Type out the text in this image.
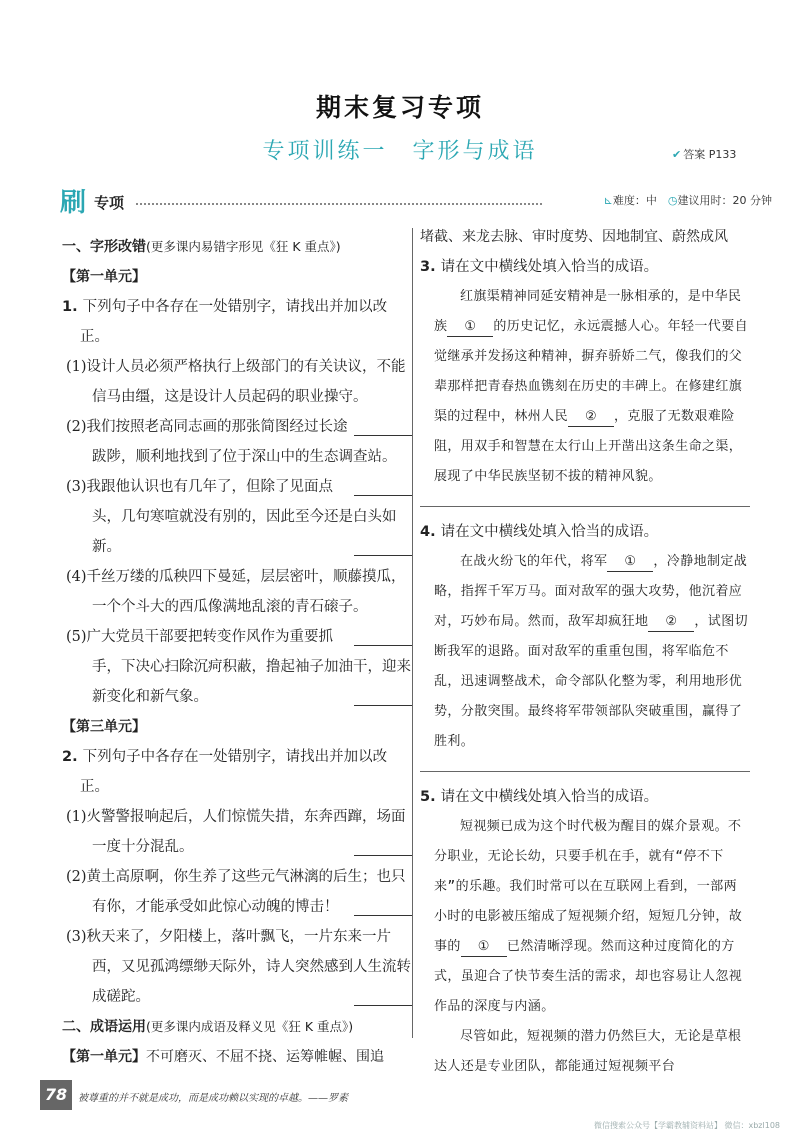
期末复习专项
专项训练一　字形与成语	✔ 答案 P133
刷 专项	⊾难度：中　 ◷建议用时：20 分钟
一、字形改错(更多课内易错字形见《狂 K 重点》)
【第一单元】
1. 下列句子中各存在一处错别字，请找出并加以改正。
(1)设计人员必须严格执行上级部门的有关诀议，不能信马由缰，这是设计人员起码的职业操守。
(2)我们按照老高同志画的那张简图经过长途跋陟，顺利地找到了位于深山中的生态调查站。
(3)我跟他认识也有几年了，但除了见面点头，几句寒喧就没有别的，因此至今还是白头如新。
(4)千丝万缕的瓜秧四下曼延，层层密叶，顺藤摸瓜，一个个斗大的西瓜像满地乱滚的青石磙子。
(5)广大党员干部要把转变作风作为重要抓手，下决心扫除沉疴积蔽，撸起袖子加油干，迎来新变化和新气象。
【第三单元】
2. 下列句子中各存在一处错别字，请找出并加以改正。
(1)火警警报响起后，人们惊慌失措，东奔西蹿，场面一度十分混乱。
(2)黄土高原啊，你生养了这些元气淋漓的后生；也只有你，才能承受如此惊心动魄的博击！
(3)秋天来了，夕阳楼上，落叶飘飞，一片东来一片西，又见孤鸿缥缈天际外，诗人突然感到人生流转成磋跎。
二、成语运用(更多课内成语及释义见《狂 K 重点》)
【第一单元】不可磨灭、不屈不挠、运筹帷幄、围追
堵截、来龙去脉、审时度势、因地制宜、蔚然成风
3. 请在文中横线处填入恰当的成语。
红旗渠精神同延安精神是一脉相承的，是中华民族 ① 的历史记忆，永远震撼人心。年轻一代要自觉继承并发扬这种精神，摒弃骄娇二气，像我们的父辈那样把青春热血镌刻在历史的丰碑上。在修建红旗渠的过程中，林州人民 ② ，克服了无数艰难险阻，用双手和智慧在太行山上开凿出这条生命之渠，展现了中华民族坚韧不拔的精神风貌。
4. 请在文中横线处填入恰当的成语。
在战火纷飞的年代，将军 ① ，冷静地制定战略，指挥千军万马。面对敌军的强大攻势，他沉着应对，巧妙布局。然而，敌军却疯狂地 ② ，试图切断我军的退路。面对敌军的重重包围，将军临危不乱，迅速调整战术，命令部队化整为零，利用地形优势，分散突围。最终将军带领部队突破重围，赢得了胜利。
5. 请在文中横线处填入恰当的成语。
短视频已成为这个时代极为醒目的媒介景观。不分职业，无论长幼，只要手机在手，就有“停不下来”的乐趣。我们时常可以在互联网上看到，一部两小时的电影被压缩成了短视频介绍，短短几分钟，故事的 ① 已然清晰浮现。然而这种过度简化的方式，虽迎合了快节奏生活的需求，却也容易让人忽视作品的深度与内涵。
尽管如此，短视频的潜力仍然巨大，无论是草根达人还是专业团队，都能通过短视频平台
78	被尊重的并不就是成功，而是成功赖以实现的卓越。——罗素
微信搜索公众号【学霸教辅资料站】 微信：xbzl108
